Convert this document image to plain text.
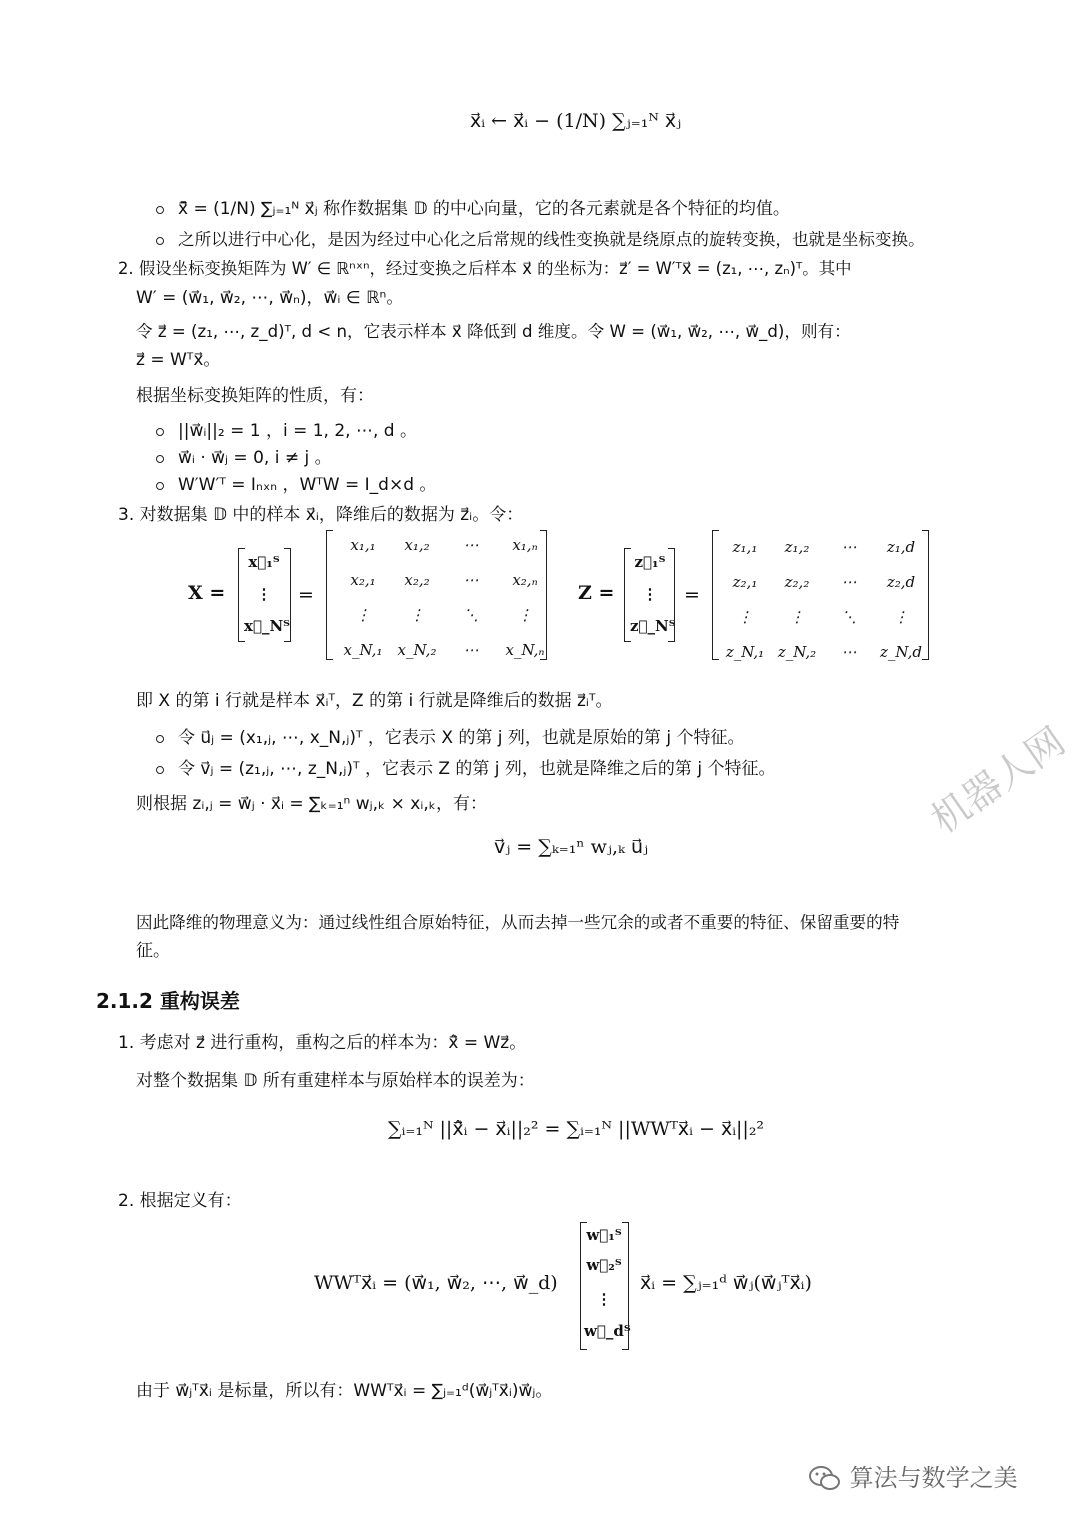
x⃗ᵢ ← x⃗ᵢ − (1/N) ∑ⱼ₌₁ᴺ x⃗ⱼ
x̄⃗ = (1/N) ∑ⱼ₌₁ᴺ x⃗ⱼ 称作数据集 𝔻 的中心向量，它的各元素就是各个特征的均值。
之所以进行中心化，是因为经过中心化之后常规的线性变换就是绕原点的旋转变换，也就是坐标变换。
2. 假设坐标变换矩阵为 W′ ∈ ℝⁿˣⁿ，经过变换之后样本 x⃗ 的坐标为：z⃗′ = W′ᵀx⃗ = (z₁, ⋯, zₙ)ᵀ。其中
W′ = (w⃗₁, w⃗₂, ⋯, w⃗ₙ)，w⃗ᵢ ∈ ℝⁿ。
令 z⃗ = (z₁, ⋯, z_d)ᵀ, d < n，它表示样本 x⃗ 降低到 d 维度。令 W = (w⃗₁, w⃗₂, ⋯, w⃗_d)，则有：
z⃗ = Wᵀx⃗。
根据坐标变换矩阵的性质，有：
||w⃗ᵢ||₂ = 1 ，i = 1, 2, ⋯, d 。
w⃗ᵢ · w⃗ⱼ = 0, i ≠ j 。
W′W′ᵀ = Iₙₓₙ ，WᵀW = I_d×d 。
3. 对数据集 𝔻 中的样本 x⃗ᵢ，降维后的数据为 z⃗ᵢ。令：
X =
x⃗₁ᵀ
⋮
x⃗_Nᵀ
=
x₁,₁	x₁,₂	⋯	x₁,ₙ
x₂,₁	x₂,₂	⋯	x₂,ₙ
⋮	⋮	⋱	⋮
x_N,₁	x_N,₂	⋯	x_N,ₙ
Z =
z⃗₁ᵀ
⋮
z⃗_Nᵀ
=
z₁,₁	z₁,₂	⋯	z₁,d
z₂,₁	z₂,₂	⋯	z₂,d
⋮	⋮	⋱	⋮
z_N,₁ z_N,₂	⋯	z_N,d
即 X 的第 i 行就是样本 x⃗ᵢᵀ，Z 的第 i 行就是降维后的数据 z⃗ᵢᵀ。
令 u⃗ⱼ = (x₁,ⱼ, ⋯, x_N,ⱼ)ᵀ ，它表示 X 的第 j 列，也就是原始的第 j 个特征。
令 v⃗ⱼ = (z₁,ⱼ, ⋯, z_N,ⱼ)ᵀ ，它表示 Z 的第 j 列，也就是降维之后的第 j 个特征。
则根据 zᵢ,ⱼ = w⃗ⱼ · x⃗ᵢ = ∑ₖ₌₁ⁿ wⱼ,ₖ × xᵢ,ₖ，有：
v⃗ⱼ = ∑ₖ₌₁ⁿ wⱼ,ₖ u⃗ⱼ
因此降维的物理意义为：通过线性组合原始特征，从而去掉一些冗余的或者不重要的特征、保留重要的特
征。
2.1.2 重构误差
1. 考虑对 z⃗ 进行重构，重构之后的样本为：x̂⃗ = Wz⃗。
对整个数据集 𝔻 所有重建样本与原始样本的误差为：
∑ᵢ₌₁ᴺ ||x̂⃗ᵢ − x⃗ᵢ||₂² = ∑ᵢ₌₁ᴺ ||WWᵀx⃗ᵢ − x⃗ᵢ||₂²
2. 根据定义有：
WWᵀx⃗ᵢ = (w⃗₁, w⃗₂, ⋯, w⃗_d)
w⃗₁ᵀ
w⃗₂ᵀ
⋮
w⃗_dᵀ
x⃗ᵢ = ∑ⱼ₌₁ᵈ w⃗ⱼ(w⃗ⱼᵀx⃗ᵢ)
由于 w⃗ⱼᵀx⃗ᵢ 是标量，所以有：WWᵀx⃗ᵢ = ∑ⱼ₌₁ᵈ(w⃗ⱼᵀx⃗ᵢ)w⃗ⱼ。
机器人网
算法与数学之美
